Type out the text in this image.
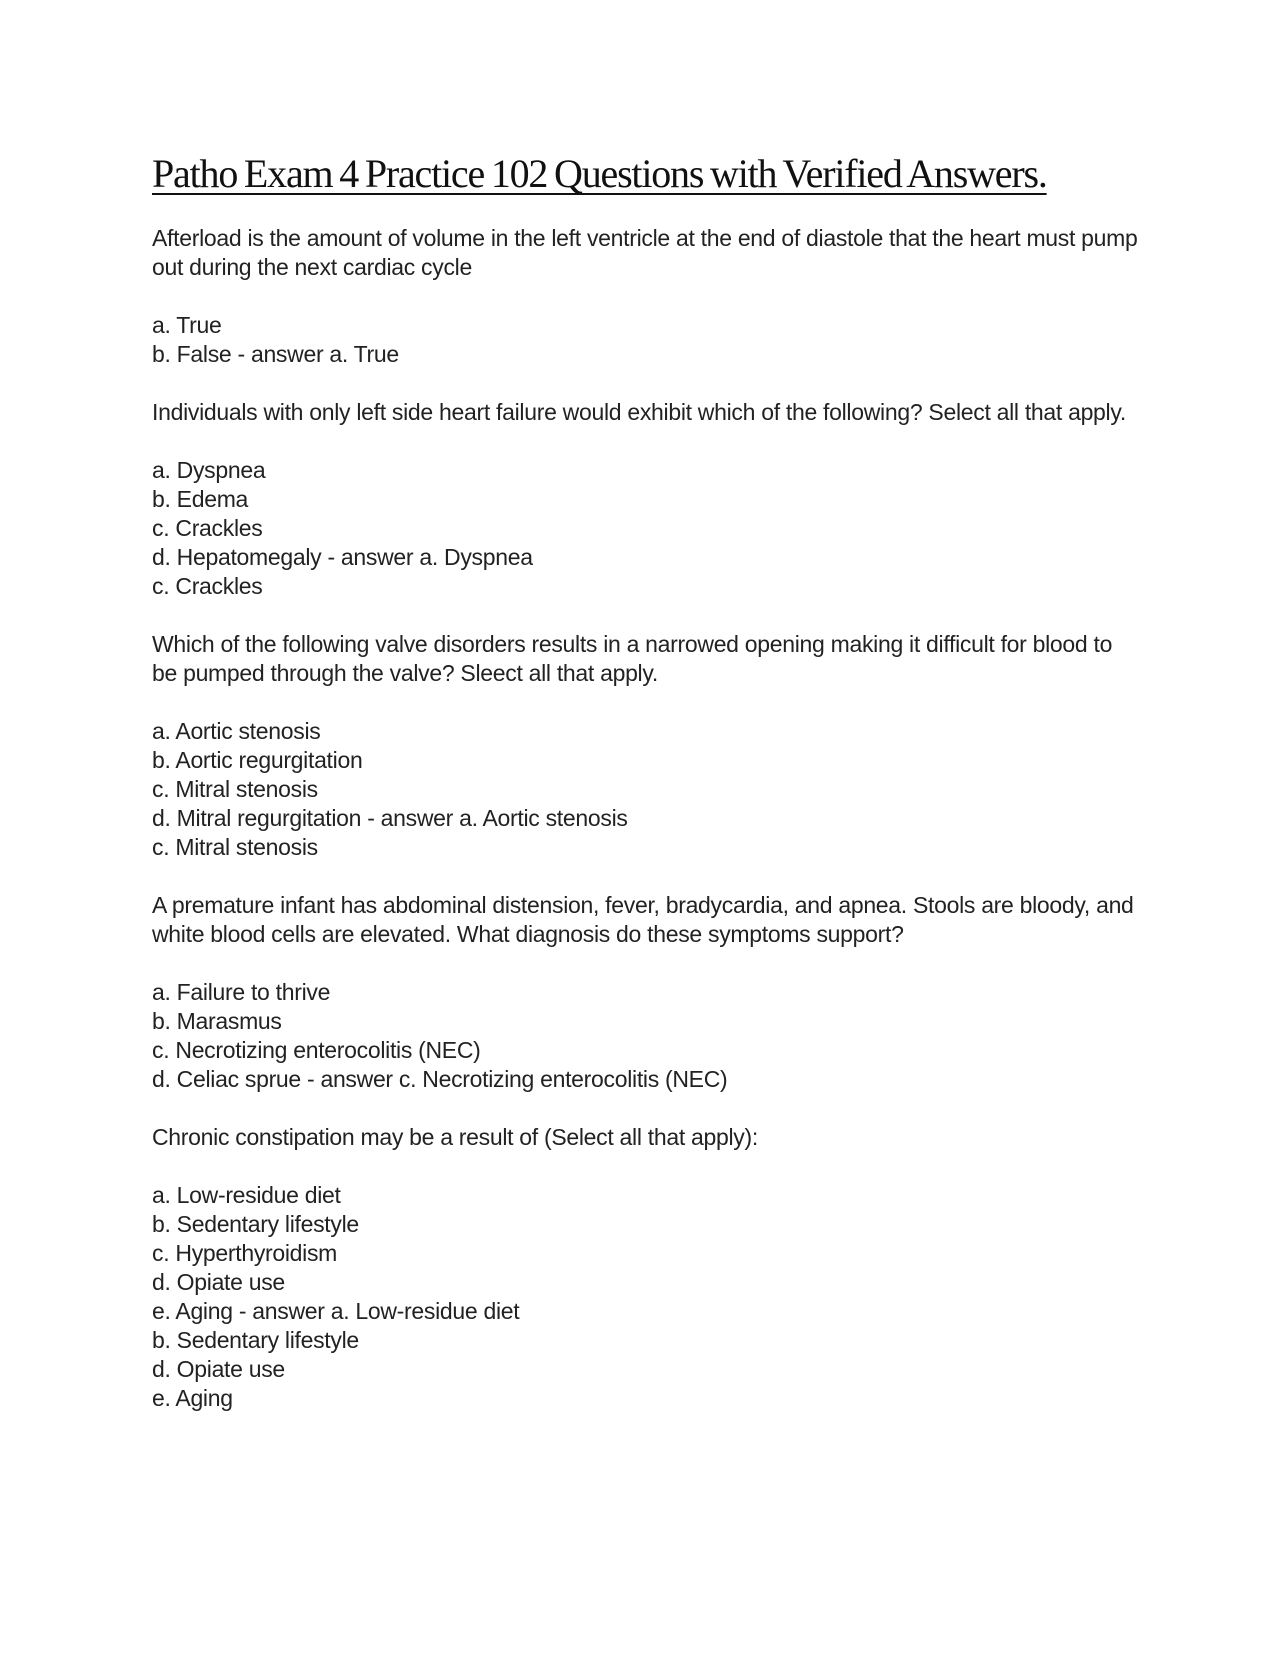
Patho Exam 4 Practice 102 Questions with Verified Answers.
Afterload is the amount of volume in the left ventricle at the end of diastole that the heart must pump out during the next cardiac cycle
a. True
b. False - answer a. True
Individuals with only left side heart failure would exhibit which of the following? Select all that apply.
a. Dyspnea
b. Edema
c. Crackles
d. Hepatomegaly - answer a. Dyspnea
c. Crackles
Which of the following valve disorders results in a narrowed opening making it difficult for blood to be pumped through the valve? Sleect all that apply.
a. Aortic stenosis
b. Aortic regurgitation
c. Mitral stenosis
d. Mitral regurgitation - answer a. Aortic stenosis
c. Mitral stenosis
A premature infant has abdominal distension, fever, bradycardia, and apnea. Stools are bloody, and white blood cells are elevated. What diagnosis do these symptoms support?
a. Failure to thrive
b. Marasmus
c. Necrotizing enterocolitis (NEC)
d. Celiac sprue - answer c. Necrotizing enterocolitis (NEC)
Chronic constipation may be a result of (Select all that apply):
a. Low-residue diet
b. Sedentary lifestyle
c. Hyperthyroidism
d. Opiate use
e. Aging - answer a. Low-residue diet
b. Sedentary lifestyle
d. Opiate use
e. Aging
